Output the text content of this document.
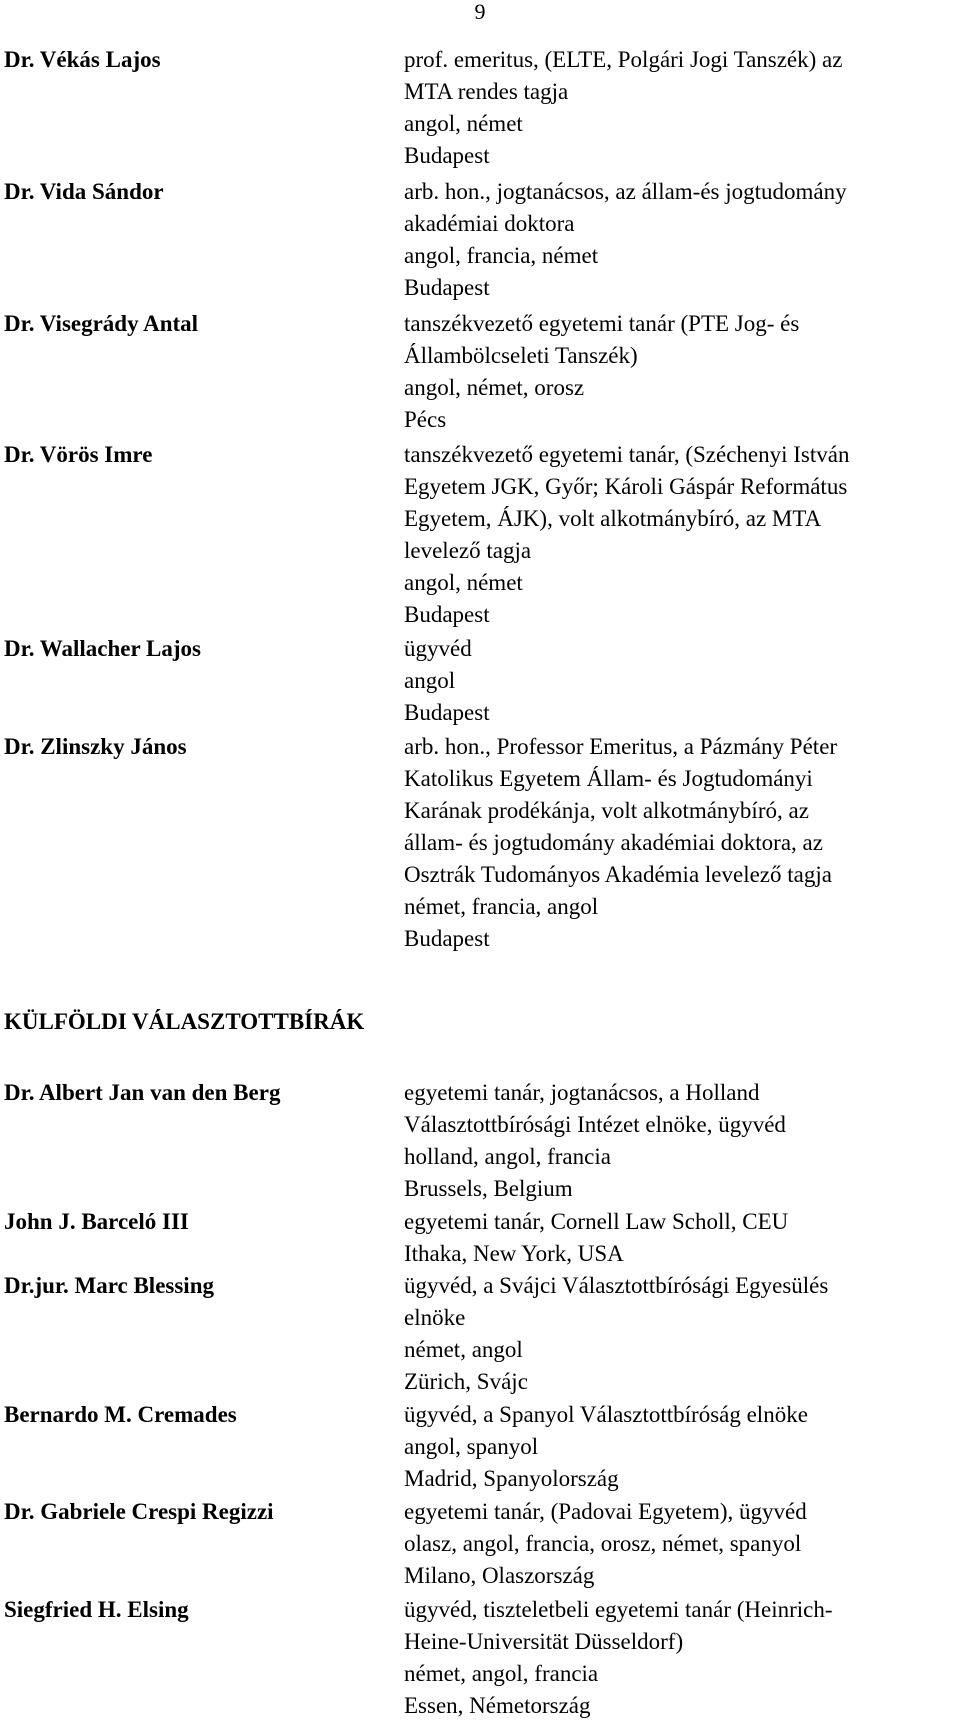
9
Dr. Vékás Lajos	prof. emeritus, (ELTE, Polgári Jogi Tanszék) az
MTA rendes tagja
angol, német
Budapest
Dr. Vida Sándor	arb. hon., jogtanácsos, az állam-és jogtudomány
akadémiai doktora
angol, francia, német
Budapest
Dr. Visegrády Antal	tanszékvezető egyetemi tanár (PTE Jog- és
Állambölcseleti Tanszék)
angol, német, orosz
Pécs
Dr. Vörös Imre	tanszékvezető egyetemi tanár, (Széchenyi István
Egyetem JGK, Győr; Károli Gáspár Református
Egyetem, ÁJK), volt alkotmánybíró, az MTA
levelező tagja
angol, német
Budapest
Dr. Wallacher Lajos	ügyvéd
angol
Budapest
Dr. Zlinszky János	arb. hon., Professor Emeritus, a Pázmány Péter
Katolikus Egyetem Állam- és Jogtudományi
Karának prodékánja, volt alkotmánybíró, az
állam- és jogtudomány akadémiai doktora, az
Osztrák Tudományos Akadémia levelező tagja
német, francia, angol
Budapest
KÜLFÖLDI VÁLASZTOTTBÍRÁK
Dr. Albert Jan van den Berg	egyetemi tanár, jogtanácsos, a Holland
Választottbírósági Intézet elnöke, ügyvéd
holland, angol, francia
Brussels, Belgium
John J. Barceló III	egyetemi tanár, Cornell Law Scholl, CEU
Ithaka, New York, USA
Dr.jur. Marc Blessing	ügyvéd, a Svájci Választottbírósági Egyesülés
elnöke
német, angol
Zürich, Svájc
Bernardo M. Cremades	ügyvéd, a Spanyol Választottbíróság elnöke
angol, spanyol
Madrid, Spanyolország
Dr. Gabriele Crespi Regizzi	egyetemi tanár, (Padovai Egyetem), ügyvéd
olasz, angol, francia, orosz, német, spanyol
Milano, Olaszország
Siegfried H. Elsing	ügyvéd, tiszteletbeli egyetemi tanár (Heinrich-
Heine-Universität Düsseldorf)
német, angol, francia
Essen, Németország
